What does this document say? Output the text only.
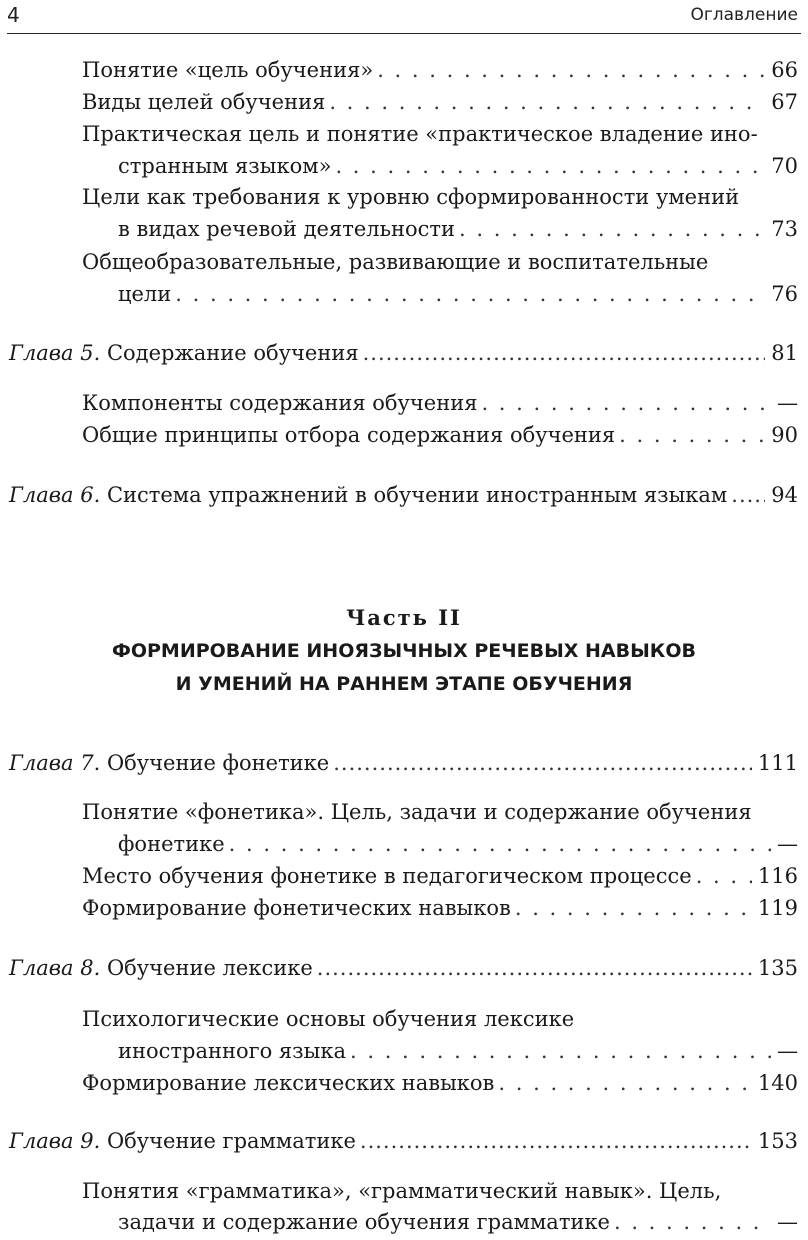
4	Оглавление
Понятие «цель обучения» . . .	66
Виды целей обучения . . .	67
Практическая цель и понятие «практическое владение ино-
странным языком» . . .	70
Цели как требования к уровню сформированности умений
в видах речевой деятельности . . .	73
Общеобразовательные, развивающие и воспитательные
цели . . .	76
Глава 5. Содержание обучения .....	81
Компоненты содержания обучения . . .	—
Общие принципы отбора содержания обучения . . .	90
Глава 6. Система упражнений в обучении иностранным языкам ..... 94
Часть II
ФОРМИРОВАНИЕ ИНОЯЗЫЧНЫХ РЕЧЕВЫХ НАВЫКОВ
И УМЕНИЙ НА РАННЕМ ЭТАПЕ ОБУЧЕНИЯ
Глава 7. Обучение фонетике .....	111
Понятие «фонетика». Цель, задачи и содержание обучения
фонетике . . .	—
Место обучения фонетике в педагогическом процессе . . .	116
Формирование фонетических навыков . . .	119
Глава 8. Обучение лексике .....	135
Психологические основы обучения лексике
иностранного языка . . .	—
Формирование лексических навыков . . .	140
Глава 9. Обучение грамматике .....	153
Понятия «грамматика», «грамматический навык». Цель,
задачи и содержание обучения грамматике . . .	—
